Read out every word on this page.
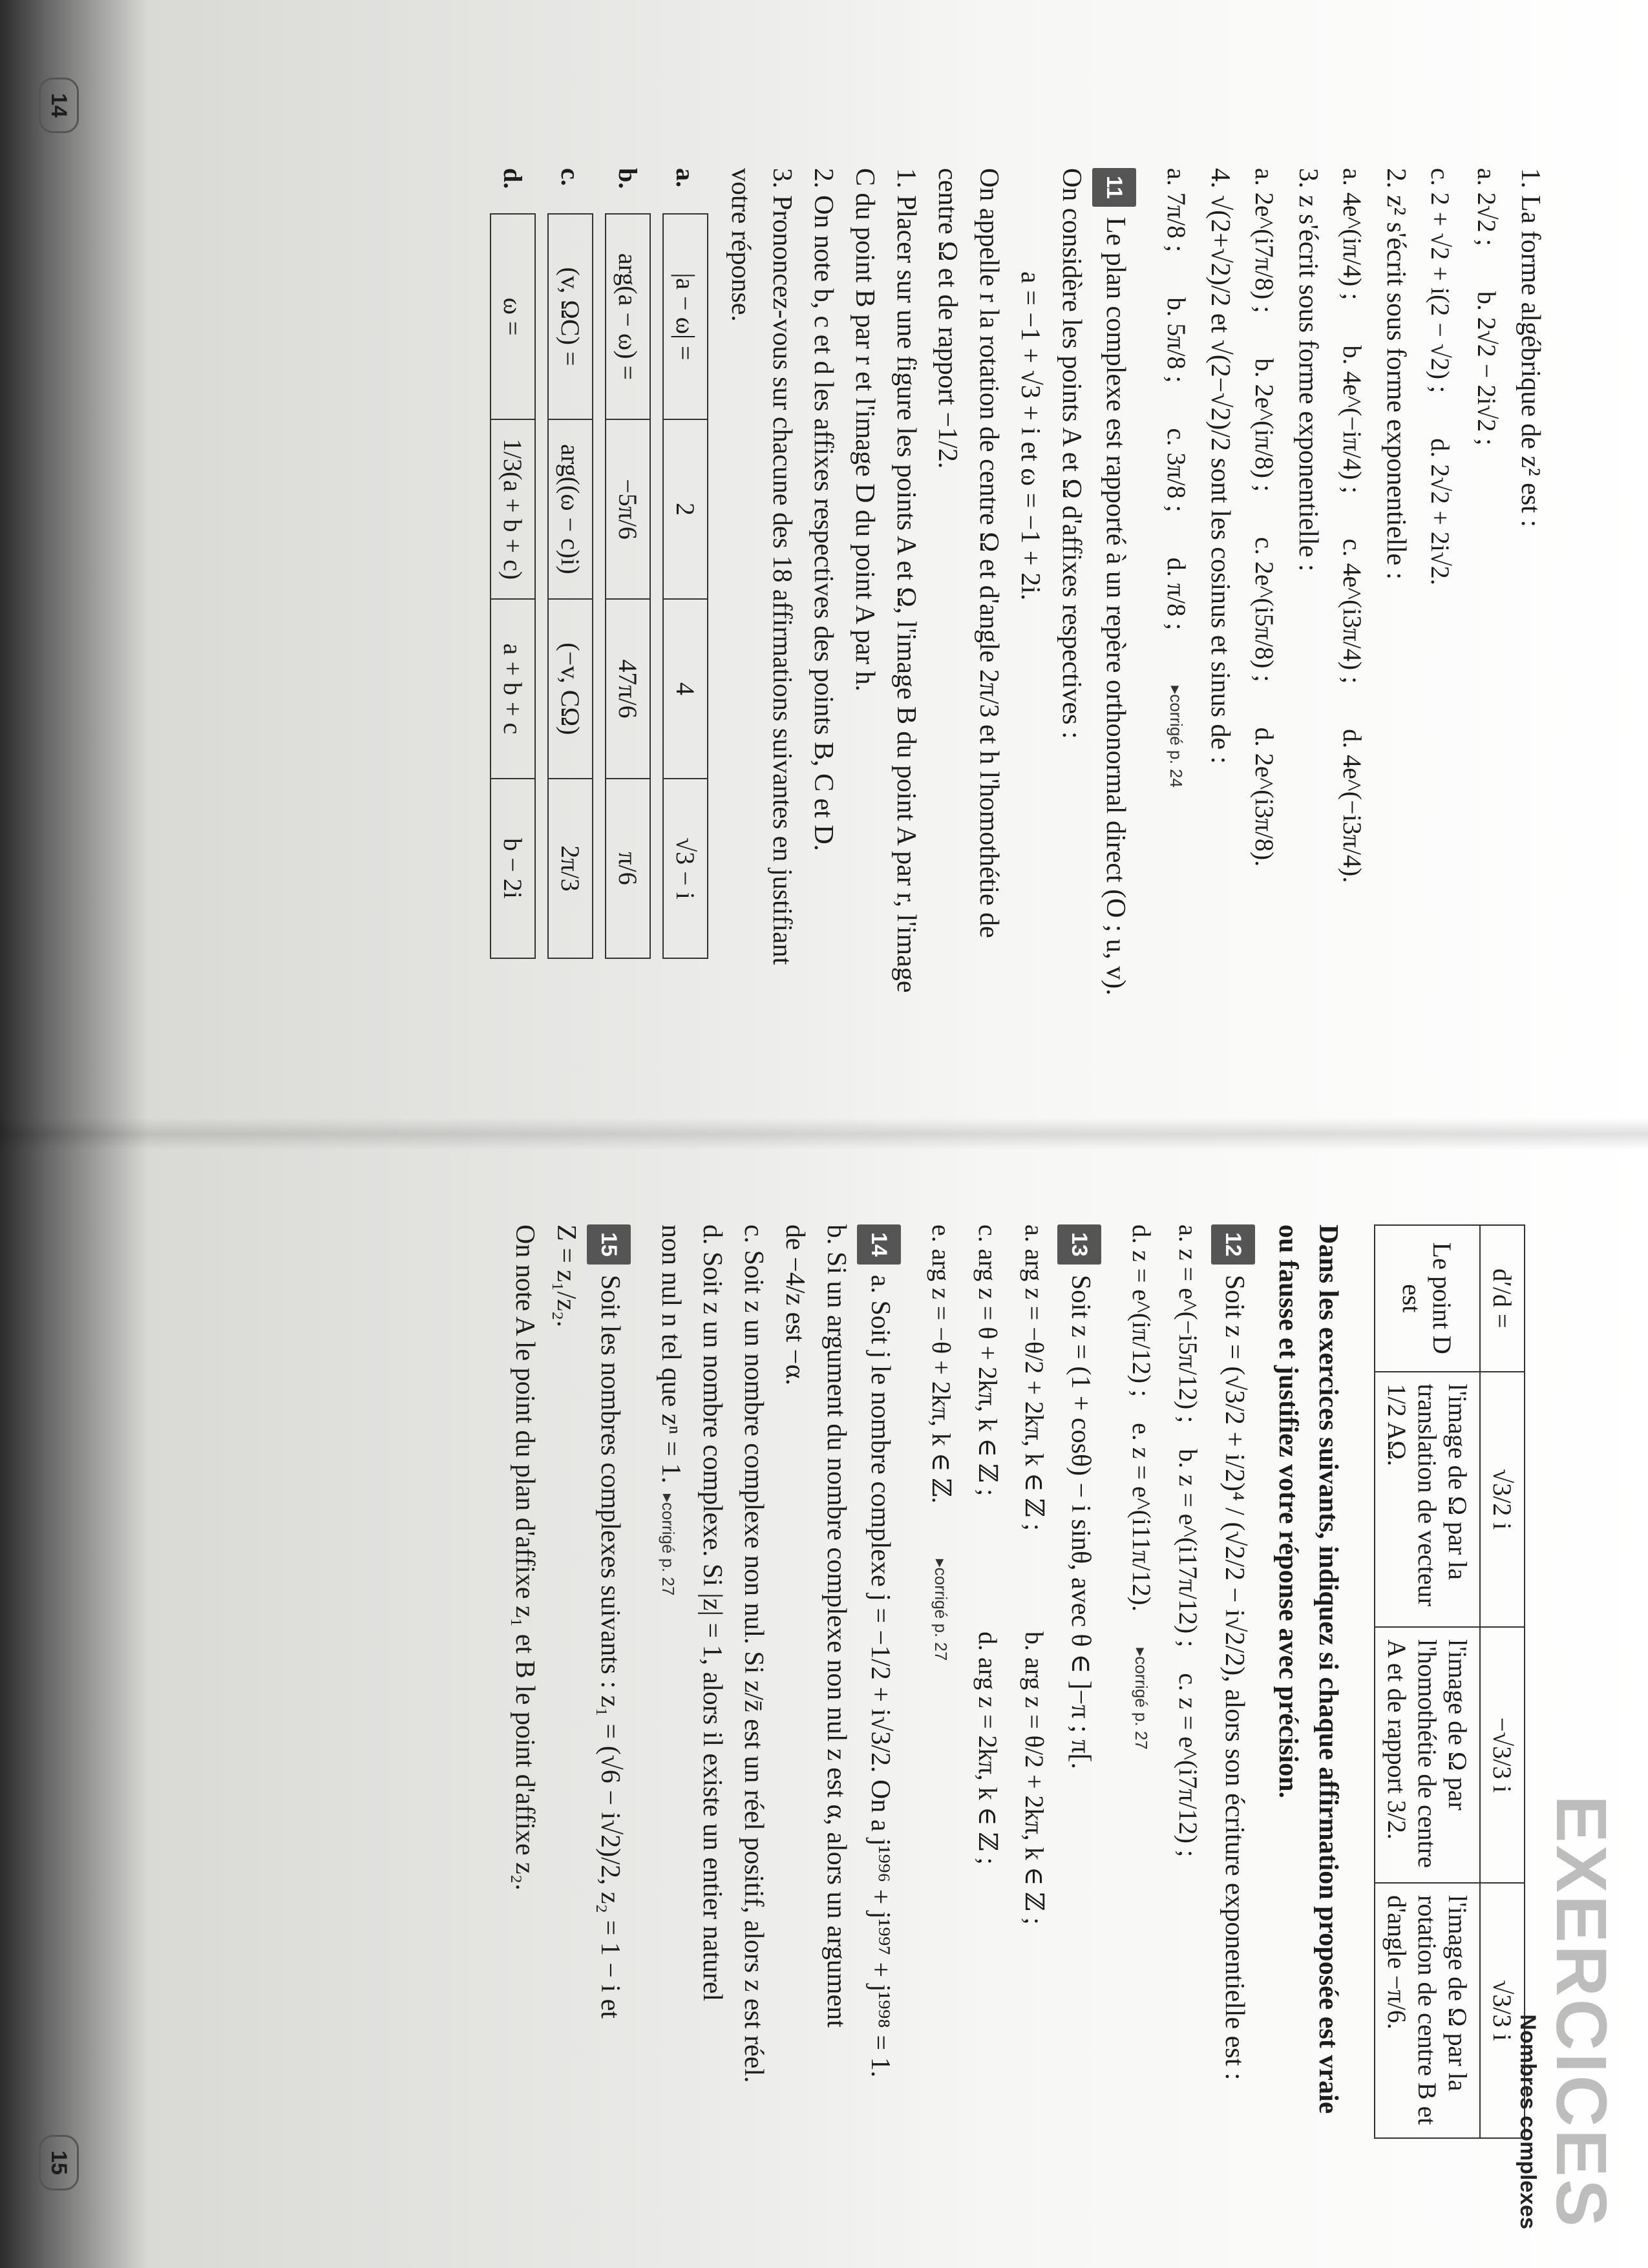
1. La forme algébrique de z² est :

a. 2√2 ;
b. 2√2 − 2i√2 ;
c. 2 + √2 + i(2 − √2) ;
d. 2√2 + 2i√2.

2. z² s'écrit sous forme exponentielle :

a. 4e^(iπ/4) ;
b. 4e^(−iπ/4) ;
c. 4e^(i3π/4) ;
d. 4e^(−i3π/4).

3. z s'écrit sous forme exponentielle :

a. 2e^(i7π/8) ;
b. 2e^(iπ/8) ;
c. 2e^(i5π/8) ;
d. 2e^(i3π/8).

4. √(2+√2)/2 et √(2−√2)/2 sont les cosinus et sinus de :

a. 7π/8 ;
b. 5π/8 ;
c. 3π/8 ;
d. π/8 ;
▸ corrigé p. 24

11Le plan complexe est rapporté à un repère orthonormal direct (O ; u, v).

On considère les points A et Ω d'affixes respectives :

a = −1 + √3 + i et ω = −1 + 2i.

On appelle r la rotation de centre Ω et d'angle 2π/3 et h l'homothétie de

centre Ω et de rapport −1/2.

1. Placer sur une figure les points A et Ω, l'image B du point A par r, l'image

C du point B par r et l'image D du point A par h.

2. On note b, c et d les affixes respectives des points B, C et D.

3. Prononcez-vous sur chacune des 18 affirmations suivantes en justifiant

votre réponse.

a.
|a − ω| =	2	4	√3 − i
b.
arg(a − ω) =	−5π/6	47π/6	π/6
c.
(v, ΩC) =	arg((ω − c)i)	(−v, CΩ)	2π/3
d.
ω =	1/3(a + b + c)	a + b + c	b − 2i
14
EXERCICES
Nombres complexes
d′/d =	√3/2 i	−√3/3 i	√3/3 i
Le point D est	l'image de Ω par la translation de vecteur 1/2 AΩ.	l'image de Ω par l'homothétie de centre A et de rapport 3/2.	l'image de Ω par la rotation de centre B et d'angle −π/6.

Dans les exercices suivants, indiquez si chaque affirmation proposée est vraie ou fausse et justifiez votre réponse avec précision.

12Soit z = (√3/2 + i/2)⁴ / (√2/2 − i√2/2), alors son écriture exponentielle est :

a. z = e^(−i5π/12) ;
b. z = e^(i17π/12) ;
c. z = e^(i7π/12) ;
d. z = e^(iπ/12) ;
e. z = e^(i11π/12).
▸ corrigé p. 27

13Soit z = (1 + cosθ) − i sinθ, avec θ ∈ ]−π ; π[.

a. arg z = −θ/2 + 2kπ, k ∈ ℤ ;
b. arg z = θ/2 + 2kπ, k ∈ ℤ ;
c. arg z = θ + 2kπ, k ∈ ℤ ;
d. arg z = 2kπ, k ∈ ℤ ;
e. arg z = −θ + 2kπ, k ∈ ℤ.
▸ corrigé p. 27

14a. Soit j le nombre complexe j = −1/2 + i√3/2. On a j¹⁹⁹⁶ + j¹⁹⁹⁷ + j¹⁹⁹⁸ = 1.

b. Si un argument du nombre complexe non nul z est α, alors un argument

de −4/z est −α.

c. Soit z un nombre complexe non nul. Si z/z̄ est un réel positif, alors z est réel.

d. Soit z un nombre complexe. Si |z| = 1, alors il existe un entier naturel

non nul n tel que zⁿ = 1.▸ corrigé p. 27

15Soit les nombres complexes suivants : z₁ = (√6 − i√2)/2, z₂ = 1 − i et

Z = z₁/z₂.

On note A le point du plan d'affixe z₁ et B le point d'affixe z₂.

15
